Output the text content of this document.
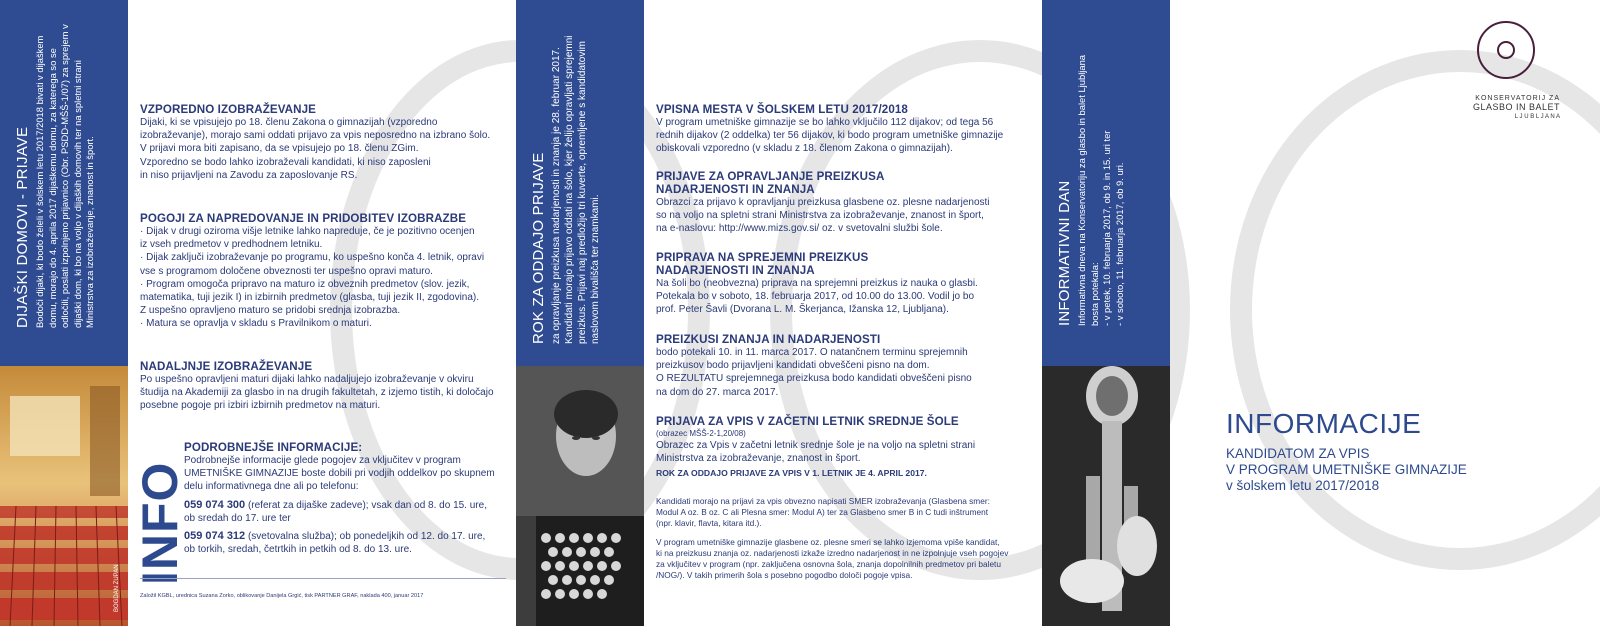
DIJAŠKI DOMOVI - PRIJAVE Bodoči dijaki, ki bodo želeli v šolskem letu 2017/2018 bivati v dijaškem domu, morajo do 4. aprila 2017 dijaškemu domu, za katerega so se odločili, poslati izpolnjeno prijavnico (Obr. PSDD-MŠŠ-1/07) za sprejem v dijaški dom, ki bo na voljo v dijaških domovih ter na spletni strani Ministrstva za izobraževanje, znanost in šport.

BOGDAN ZUPAN
VZPOREDNO IZOBRAŽEVANJE

Dijaki, ki se vpisujejo po 18. členu Zakona o gimnazijah (vzporedno

izobraževanje), morajo sami oddati prijavo za vpis neposredno na izbrano šolo.

V prijavi mora biti zapisano, da se vpisujejo po 18. členu ZGim.

Vzporedno se bodo lahko izobraževali kandidati, ki niso zaposleni

in niso prijavljeni na Zavodu za zaposlovanje RS.

POGOJI ZA NAPREDOVANJE IN PRIDOBITEV IZOBRAZBE

· Dijak v drugi oziroma višje letnike lahko napreduje, če je pozitivno ocenjen

iz vseh predmetov v predhodnem letniku.

· Dijak zaključi izobraževanje po programu, ko uspešno konča 4. letnik, opravi

vse s programom določene obveznosti ter uspešno opravi maturo.

· Program omogoča pripravo na maturo iz obveznih predmetov (slov. jezik,

matematika, tuji jezik I) in izbirnih predmetov (glasba, tuji jezik II, zgodovina).

Z uspešno opravljeno maturo se pridobi srednja izobrazba.

· Matura se opravlja v skladu s Pravilnikom o maturi.

NADALJNJE IZOBRAŽEVANJE

Po uspešno opravljeni maturi dijaki lahko nadaljujejo izobraževanje v okviru

študija na Akademiji za glasbo in na drugih fakultetah, z izjemo tistih, ki določajo

posebne pogoje pri izbiri izbirnih predmetov na maturi.

INFO
PODROBNEJŠE INFORMACIJE:

Podrobnejše informacije glede pogojev za vključitev v program

UMETNIŠKE GIMNAZIJE boste dobili pri vodjih oddelkov po skupnem

delu informativnega dne ali po telefonu:

059 074 300 (referat za dijaške zadeve); vsak dan od 8. do 15. ure,

ob sredah do 17. ure ter

059 074 312 (svetovalna služba); ob ponedeljkih od 12. do 17. ure,

ob torkih, sredah, četrtkih in petkih od 8. do 13. ure.

Založil KGBL, urednica Suzana Zorko, oblikovanje Danijela Grgić, tisk PARTNER GRAF, naklada 400, januar 2017
ROK ZA ODDAJO PRIJAVE za opravljanje preizkusa nadarjenosti in znanja je 28. februar 2017. Kandidati morajo prijavo oddati na šolo, kjer želijo opravljati sprejemni preizkus. Prijavi naj predložijo tri kuverte, opremljene s kandidatovim naslovom bivališča ter znamkami.

VPISNA MESTA V ŠOLSKEM LETU 2017/2018

V program umetniške gimnazije se bo lahko vključilo 112 dijakov; od tega 56

rednih dijakov (2 oddelka) ter 56 dijakov, ki bodo program umetniške gimnazije

obiskovali vzporedno (v skladu z 18. členom Zakona o gimnazijah).

PRIJAVE ZA OPRAVLJANJE PREIZKUSA
NADARJENOSTI IN ZNANJA

Obrazci za prijavo k opravljanju preizkusa glasbene oz. plesne nadarjenosti

so na voljo na spletni strani Ministrstva za izobraževanje, znanost in šport,

na e-naslovu: http://www.mizs.gov.si/ oz. v svetovalni službi šole.

PRIPRAVA NA SPREJEMNI PREIZKUS
NADARJENOSTI IN ZNANJA

Na šoli bo (neobvezna) priprava na sprejemni preizkus iz nauka o glasbi.

Potekala bo v soboto, 18. februarja 2017, od 10.00 do 13.00. Vodil jo bo

prof. Peter Šavli (Dvorana L. M. Škerjanca, Ižanska 12, Ljubljana).

PREIZKUSI ZNANJA IN NADARJENOSTI

bodo potekali 10. in 11. marca 2017. O natančnem terminu sprejemnih

preizkusov bodo prijavljeni kandidati obveščeni pisno na dom.

O REZULTATU sprejemnega preizkusa bodo kandidati obveščeni pisno

na dom do 27. marca 2017.

PRIJAVA ZA VPIS V ZAČETNI LETNIK SREDNJE ŠOLE

(obrazec MŠŠ-2-1,20/08)

Obrazec za Vpis v začetni letnik srednje šole je na voljo na spletni strani

Ministrstva za izobraževanje, znanost in šport.

ROK ZA ODDAJO PRIJAVE ZA VPIS V 1. LETNIK JE 4. APRIL 2017.

Kandidati morajo na prijavi za vpis obvezno napisati SMER izobraževanja (Glasbena smer:

Modul A oz. B oz. C ali Plesna smer: Modul A) ter za Glasbeno smer B in C tudi inštrument

(npr. klavir, flavta, kitara itd.).

V program umetniške gimnazije glasbene oz. plesne smeri se lahko izjemoma vpiše kandidat,

ki na preizkusu znanja oz. nadarjenosti izkaže izredno nadarjenost in ne izpolnjuje vseh pogojev

za vključitev v program (npr. zaključena osnovna šola, znanja dopolnilnih predmetov pri baletu

/NOG/). V takih primerih šola s posebno pogodbo določi pogoje vpisa.

INFORMATIVNI DAN Informativna dneva na Konservatoriju za glasbo in balet Ljubljana bosta potekala: - v petek, 10. februarja 2017, ob 9. in 15. uri ter - v soboto, 11. februarja 2017, ob 9. uri.

KONSERVATORIJ ZA
GLASBO IN BALET
L J U B L J A N A
INFORMACIJE
KANDIDATOM ZA VPIS
V PROGRAM UMETNIŠKE GIMNAZIJE
v šolskem letu 2017/2018
